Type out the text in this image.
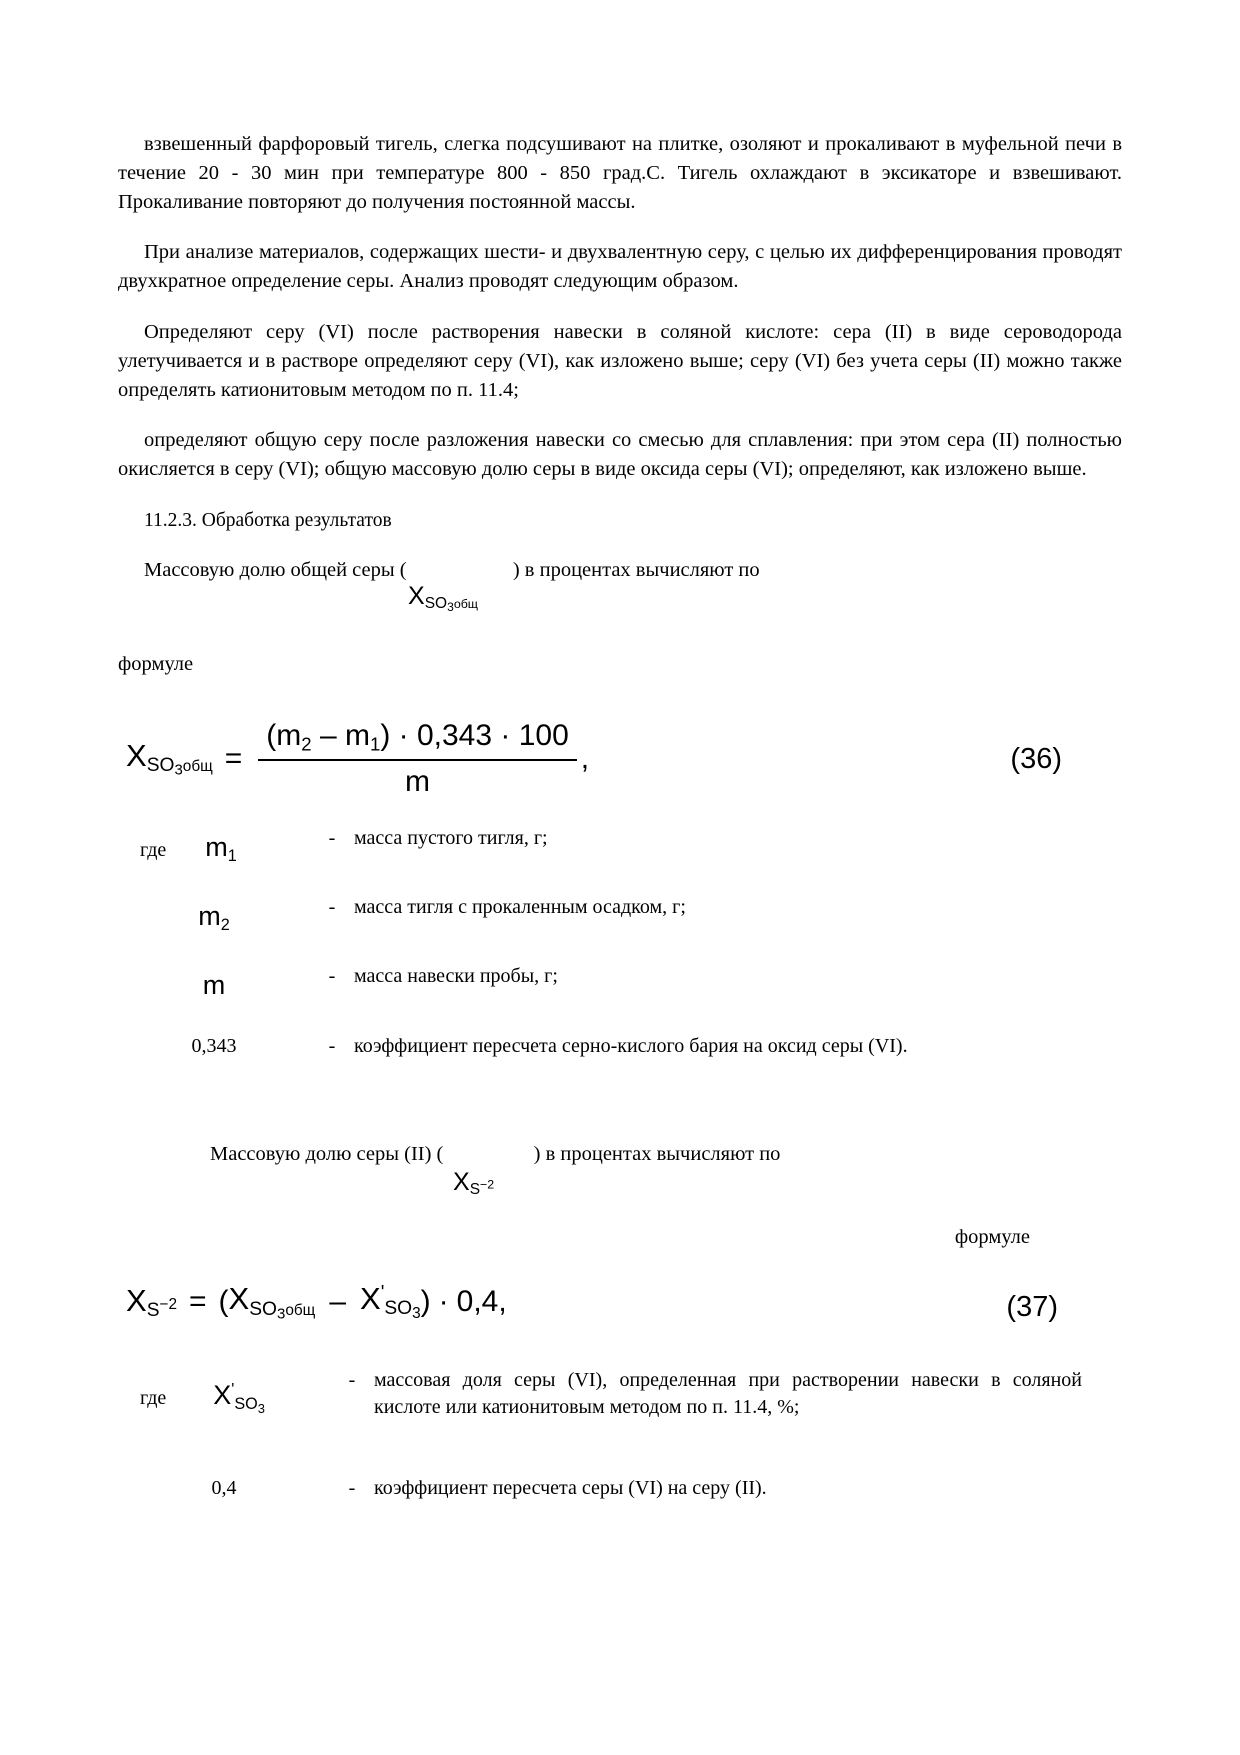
взвешенный фарфоровый тигель, слегка подсушивают на плитке, озоляют и прокаливают в муфельной печи в течение 20 - 30 мин при температуре 800 - 850 град.С. Тигель охлаждают в эксикаторе и взвешивают. Прокаливание повторяют до получения постоянной массы.

При анализе материалов, содержащих шести- и двухвалентную серу, с целью их дифференцирования проводят двухкратное определение серы. Анализ проводят следующим образом.

Определяют серу (VI) после растворения навески в соляной кислоте: сера (II) в виде сероводорода улетучивается и в растворе определяют серу (VI), как изложено выше; серу (VI) без учета серы (II) можно также определять катионитовым методом по п. 11.4;

определяют общую серу после разложения навески со смесью для сплавления: при этом сера (II) полностью окисляется в серу (VI); общую массовую долю серы в виде оксида серы (VI); определяют, как изложено выше.

11.2.3. Обработка результатов
Массовую долю общей серы (	) в процентах вычисляют по
$X_{SO_3общ}$

формуле

$X_{SO_3общ} = \frac{(m_2 - m_1) \cdot 0,343 \cdot 100}{m}$ ,	(36)
где $m_1$	-	масса пустого тигля, г;
$m_2$	-	масса тигля с прокаленным осадком, г;
m	-	масса навески пробы, г;
0,343	-	коэффициент пересчета серно-кислого бария на оксид серы (VI).
Массовую долю серы (II) (	) в процентах вычисляют по
$X_{S^{-2}}$
формуле
$X_{S^{-2}}$ = ( $X_{SO_3общ} - X'_{SO_3}$ ) · 0,4,	(37)
где $X'_{SO_3}$	-	массовая доля серы (VI), определенная при растворении навески в соляной кислоте или катионитовым методом по п. 11.4, %;
0,4	-	коэффициент пересчета серы (VI) на серу (II).
